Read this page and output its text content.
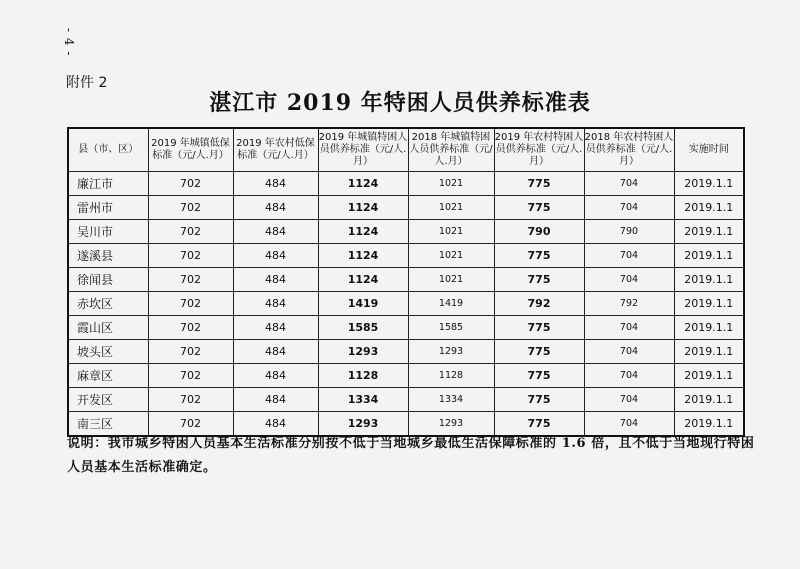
- 4 -
附件 2
湛江市 2019 年特困人员供养标准表
县（市、区）	2019 年城镇低保标准（元/人.月）	2019 年农村低保标准（元/人.月）	2019 年城镇特困人员供养标准（元/人.月）	2018 年城镇特困人员供养标准（元/人.月）	2019 年农村特困人员供养标准（元/人.月）	2018 年农村特困人员供养标准（元/人.月）	实施时间
廉江市	702	484	1124	1021	775	704	2019.1.1
雷州市	702	484	1124	1021	775	704	2019.1.1
吴川市	702	484	1124	1021	790	790	2019.1.1
遂溪县	702	484	1124	1021	775	704	2019.1.1
徐闻县	702	484	1124	1021	775	704	2019.1.1
赤坎区	702	484	1419	1419	792	792	2019.1.1
霞山区	702	484	1585	1585	775	704	2019.1.1
坡头区	702	484	1293	1293	775	704	2019.1.1
麻章区	702	484	1128	1128	775	704	2019.1.1
开发区	702	484	1334	1334	775	704	2019.1.1
南三区	702	484	1293	1293	775	704	2019.1.1
说明：我市城乡特困人员基本生活标准分别按不低于当地城乡最低生活保障标准的 1.6 倍，且不低于当地现行特困人员基本生活标准确定。
